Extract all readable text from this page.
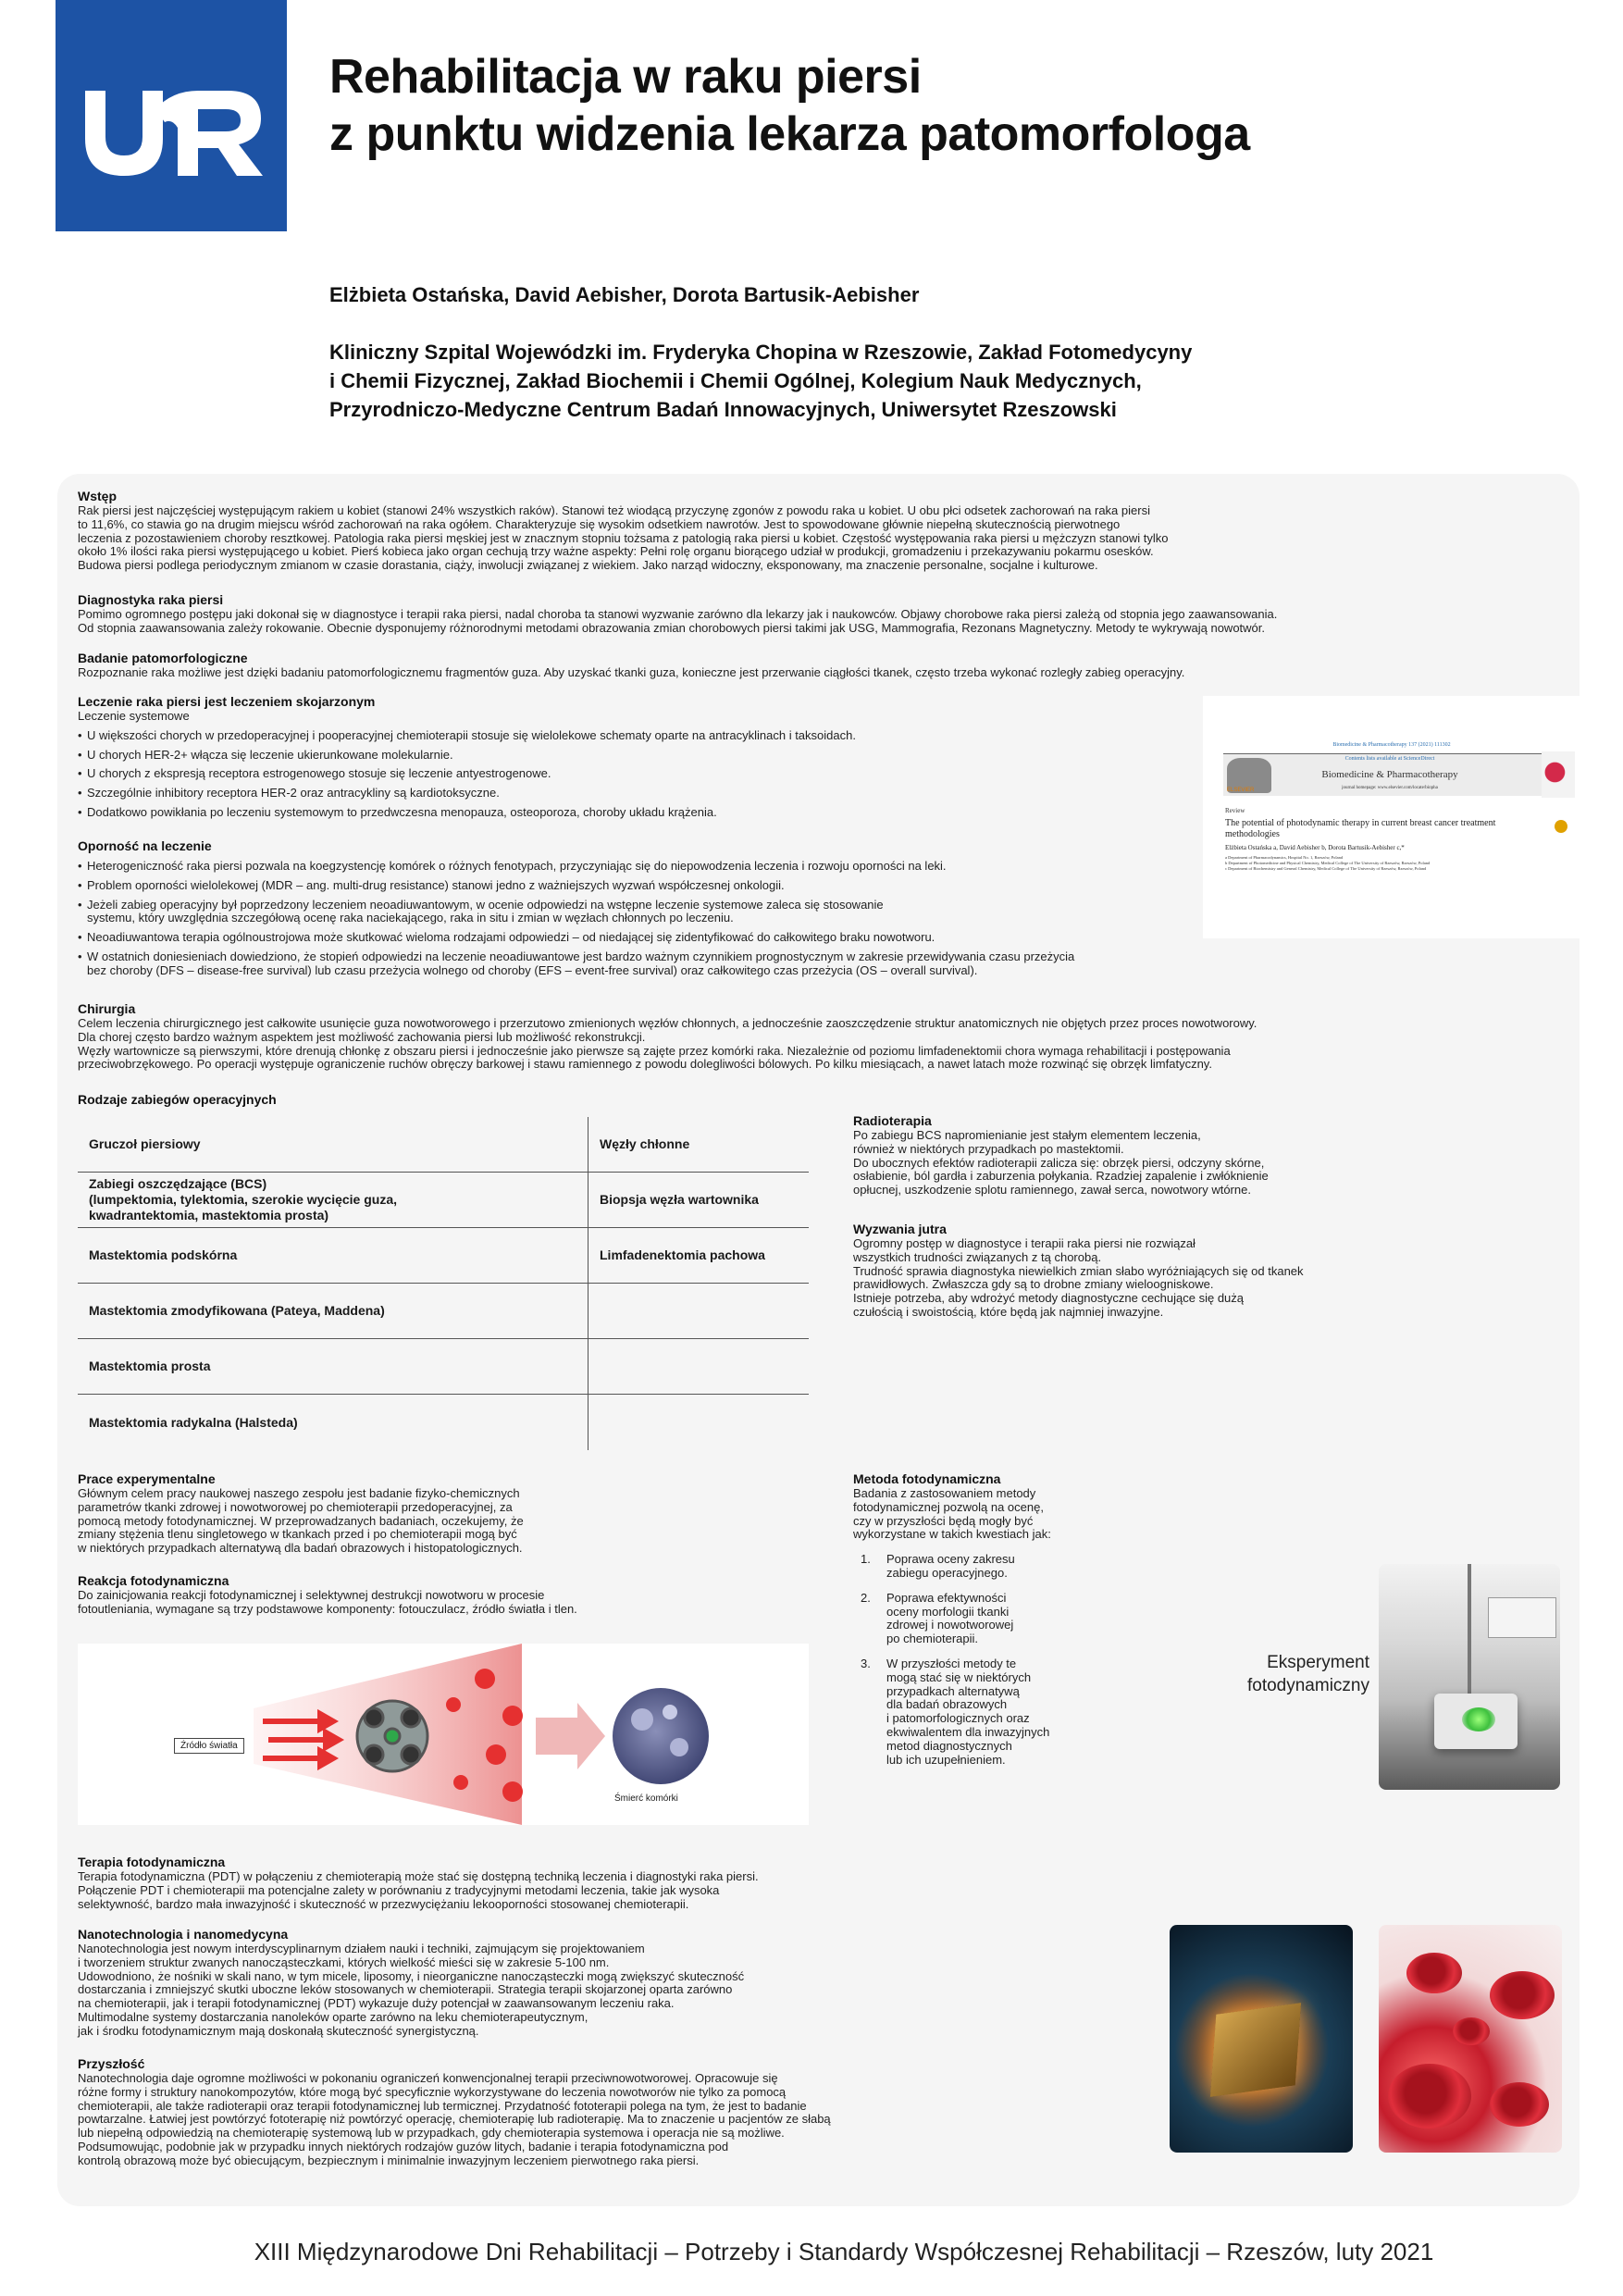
Rehabilitacja w raku piersi
z punktu widzenia lekarza patomorfologa
Elżbieta Ostańska, David Aebisher, Dorota Bartusik-Aebisher
Kliniczny Szpital Wojewódzki im. Fryderyka Chopina w Rzeszowie, Zakład Fotomedycyny
i Chemii Fizycznej, Zakład Biochemii i Chemii Ogólnej, Kolegium Nauk Medycznych,
Przyrodniczo-Medyczne Centrum Badań Innowacyjnych, Uniwersytet Rzeszowski
Wstęp

Rak piersi jest najczęściej występującym rakiem u kobiet (stanowi 24% wszystkich raków). Stanowi też wiodącą przyczynę zgonów z powodu raka u kobiet. U obu płci odsetek zachorowań na raka piersi

to 11,6%, co stawia go na drugim miejscu wśród zachorowań na raka ogółem. Charakteryzuje się wysokim odsetkiem nawrotów. Jest to spowodowane głównie niepełną skutecznością pierwotnego

leczenia z pozostawieniem choroby resztkowej. Patologia raka piersi męskiej jest w znacznym stopniu tożsama z patologią raka piersi u kobiet. Częstość występowania raka piersi u mężczyzn stanowi tylko

około 1% ilości raka piersi występującego u kobiet. Pierś kobieca jako organ cechują trzy ważne aspekty: Pełni rolę organu biorącego udział w produkcji, gromadzeniu i przekazywaniu pokarmu osesków.

Budowa piersi podlega periodycznym zmianom w czasie dorastania, ciąży, inwolucji związanej z wiekiem. Jako narząd widoczny, eksponowany, ma znaczenie personalne, socjalne i kulturowe.

Diagnostyka raka piersi

Pomimo ogromnego postępu jaki dokonał się w diagnostyce i terapii raka piersi, nadal choroba ta stanowi wyzwanie zarówno dla lekarzy jak i naukowców. Objawy chorobowe raka piersi zależą od stopnia jego zaawansowania.

Od stopnia zaawansowania zależy rokowanie. Obecnie dysponujemy różnorodnymi metodami obrazowania zmian chorobowych piersi takimi jak USG, Mammografia, Rezonans Magnetyczny. Metody te wykrywają nowotwór.

Badanie patomorfologiczne

Rozpoznanie raka możliwe jest dzięki badaniu patomorfologicznemu fragmentów guza. Aby uzyskać tkanki guza, konieczne jest przerwanie ciągłości tkanek, często trzeba wykonać rozległy zabieg operacyjny.

Leczenie raka piersi jest leczeniem skojarzonym

Leczenie systemowe

• U większości chorych w przedoperacyjnej i pooperacyjnej chemioterapii stosuje się wielolekowe schematy oparte na antracyklinach i taksoidach.
• U chorych HER-2+ włącza się leczenie ukierunkowane molekularnie.
• U chorych z ekspresją receptora estrogenowego stosuje się leczenie antyestrogenowe.
• Szczególnie inhibitory receptora HER-2 oraz antracykliny są kardiotoksyczne.
• Dodatkowo powikłania po leczeniu systemowym to przedwczesna menopauza, osteoporoza, choroby układu krążenia.
Biomedicine & Pharmacotherapy 137 (2021) 111302
ELSEVIER
Contents lists available at ScienceDirect
Biomedicine & Pharmacotherapy
journal homepage: www.elsevier.com/locate/biopha
Review
The potential of photodynamic therapy in current breast cancer treatment methodologies
Elżbieta Ostańska a, David Aebisher b, Dorota Bartusik-Aebisher c,*
a Department of Pharmacodynamics, Hospital No. 1, Rzeszów, Poland
b Department of Photomedicine and Physical Chemistry, Medical College of The University of Rzeszów, Rzeszów, Poland
c Department of Biochemistry and General Chemistry, Medical College of The University of Rzeszów, Rzeszów, Poland
Oporność na leczenie
• Heterogeniczność raka piersi pozwala na koegzystencję komórek o różnych fenotypach, przyczyniając się do niepowodzenia leczenia i rozwoju oporności na leki.
• Problem oporności wielolekowej (MDR – ang. multi-drug resistance) stanowi jedno z ważniejszych wyzwań współczesnej onkologii.
• Jeżeli zabieg operacyjny był poprzedzony leczeniem neoadiuwantowym, w ocenie odpowiedzi na wstępne leczenie systemowe zaleca się stosowanie
systemu, który uwzględnia szczegółową ocenę raka naciekającego, raka in situ i zmian w węzłach chłonnych po leczeniu.
• Neoadiuwantowa terapia ogólnoustrojowa może skutkować wieloma rodzajami odpowiedzi – od niedającej się zidentyfikować do całkowitego braku nowotworu.
• W ostatnich doniesieniach dowiedziono, że stopień odpowiedzi na leczenie neoadiuwantowe jest bardzo ważnym czynnikiem prognostycznym w zakresie przewidywania czasu przeżycia
bez choroby (DFS – disease-free survival) lub czasu przeżycia wolnego od choroby (EFS – event-free survival) oraz całkowitego czas przeżycia (OS – overall survival).
Chirurgia

Celem leczenia chirurgicznego jest całkowite usunięcie guza nowotworowego i przerzutowo zmienionych węzłów chłonnych, a jednocześnie zaoszczędzenie struktur anatomicznych nie objętych przez proces nowotworowy.

Dla chorej często bardzo ważnym aspektem jest możliwość zachowania piersi lub możliwość rekonstrukcji.

Węzły wartownicze są pierwszymi, które drenują chłonkę z obszaru piersi i jednocześnie jako pierwsze są zajęte przez komórki raka. Niezależnie od poziomu limfadenektomii chora wymaga rehabilitacji i postępowania

przeciwobrzękowego. Po operacji występuje ograniczenie ruchów obręczy barkowej i stawu ramiennego z powodu dolegliwości bólowych. Po kilku miesiącach, a nawet latach może rozwinąć się obrzęk limfatyczny.

Rodzaje zabiegów operacyjnych
Gruczoł piersiowy	Węzły chłonne
Zabiegi oszczędzające (BCS)
(lumpektomia, tylektomia, szerokie wycięcie guza,
kwadrantektomia, mastektomia prosta)
Biopsja węzła wartownika
Mastektomia podskórna	Limfadenektomia pachowa
Mastektomia zmodyfikowana (Pateya, Maddena)
Mastektomia prosta
Mastektomia radykalna (Halsteda)
Radioterapia

Po zabiegu BCS napromienianie jest stałym elementem leczenia,

również w niektórych przypadkach po mastektomii.

Do ubocznych efektów radioterapii zalicza się: obrzęk piersi, odczyny skórne,

osłabienie, ból gardła i zaburzenia połykania. Rzadziej zapalenie i zwłóknienie

opłucnej, uszkodzenie splotu ramiennego, zawał serca, nowotwory wtórne.

Wyzwania jutra

Ogromny postęp w diagnostyce i terapii raka piersi nie rozwiązał

wszystkich trudności związanych z tą chorobą.

Trudność sprawia diagnostyka niewielkich zmian słabo wyróżniających się od tkanek

prawidłowych. Zwłaszcza gdy są to drobne zmiany wieloogniskowe.

Istnieje potrzeba, aby wdrożyć metody diagnostyczne cechujące się dużą

czułością i swoistością, które będą jak najmniej inwazyjne.

Prace experymentalne

Głównym celem pracy naukowej naszego zespołu jest badanie fizyko-chemicznych

parametrów tkanki zdrowej i nowotworowej po chemioterapii przedoperacyjnej, za

pomocą metody fotodynamicznej. W przeprowadzanych badaniach, oczekujemy, że

zmiany stężenia tlenu singletowego w tkankach przed i po chemioterapii mogą być

w niektórych przypadkach alternatywą dla badań obrazowych i histopatologicznych.

Reakcja fotodynamiczna

Do zainicjowania reakcji fotodynamicznej i selektywnej destrukcji nowotworu w procesie

fotoutleniania, wymagane są trzy podstawowe komponenty: fotouczulacz, źródło światła i tlen.

Źródło światła
Śmierć komórki
Metoda fotodynamiczna

Badania z zastosowaniem metody

fotodynamicznej pozwolą na ocenę,

czy w przyszłości będą mogły być

wykorzystane w takich kwestiach jak:

1. Poprawa oceny zakresu
zabiegu operacyjnego.
2. Poprawa efektywności
oceny morfologii tkanki
zdrowej i nowotworowej
po chemioterapii.
3. W przyszłości metody te
mogą stać się w niektórych
przypadkach alternatywą
dla badań obrazowych
i patomorfologicznych oraz
ekwiwalentem dla inwazyjnych
metod diagnostycznych
lub ich uzupełnieniem.
Eksperyment
fotodynamiczny
Terapia fotodynamiczna

Terapia fotodynamiczna (PDT) w połączeniu z chemioterapią może stać się dostępną techniką leczenia i diagnostyki raka piersi.

Połączenie PDT i chemioterapii ma potencjalne zalety w porównaniu z tradycyjnymi metodami leczenia, takie jak wysoka

selektywność, bardzo mała inwazyjność i skuteczność w przezwyciężaniu lekooporności stosowanej chemioterapii.

Nanotechnologia i nanomedycyna

Nanotechnologia jest nowym interdyscyplinarnym działem nauki i techniki, zajmującym się projektowaniem

i tworzeniem struktur zwanych nanocząsteczkami, których wielkość mieści się w zakresie 5-100 nm.

Udowodniono, że nośniki w skali nano, w tym micele, liposomy, i nieorganiczne nanocząsteczki mogą zwiększyć skuteczność

dostarczania i zmniejszyć skutki uboczne leków stosowanych w chemioterapii. Strategia terapii skojarzonej oparta zarówno

na chemioterapii, jak i terapii fotodynamicznej (PDT) wykazuje duży potencjał w zaawansowanym leczeniu raka.

Multimodalne systemy dostarczania nanoleków oparte zarówno na leku chemioterapeutycznym,

jak i środku fotodynamicznym mają doskonałą skuteczność synergistyczną.

Przyszłość

Nanotechnologia daje ogromne możliwości w pokonaniu ograniczeń konwencjonalnej terapii przeciwnowotworowej. Opracowuje się

różne formy i struktury nanokompozytów, które mogą być specyficznie wykorzystywane do leczenia nowotworów nie tylko za pomocą

chemioterapii, ale także radioterapii oraz terapii fotodynamicznej lub termicznej. Przydatność fototerapii polega na tym, że jest to badanie

powtarzalne. Łatwiej jest powtórzyć fototerapię niż powtórzyć operację, chemioterapię lub radioterapię. Ma to znaczenie u pacjentów ze słabą

lub niepełną odpowiedzią na chemioterapię systemową lub w przypadkach, gdy chemioterapia systemowa i operacja nie są możliwe.

Podsumowując, podobnie jak w przypadku innych niektórych rodzajów guzów litych, badanie i terapia fotodynamiczna pod

kontrolą obrazową może być obiecującym, bezpiecznym i minimalnie inwazyjnym leczeniem pierwotnego raka piersi.

XIII Międzynarodowe Dni Rehabilitacji – Potrzeby i Standardy Współczesnej Rehabilitacji – Rzeszów, luty 2021
